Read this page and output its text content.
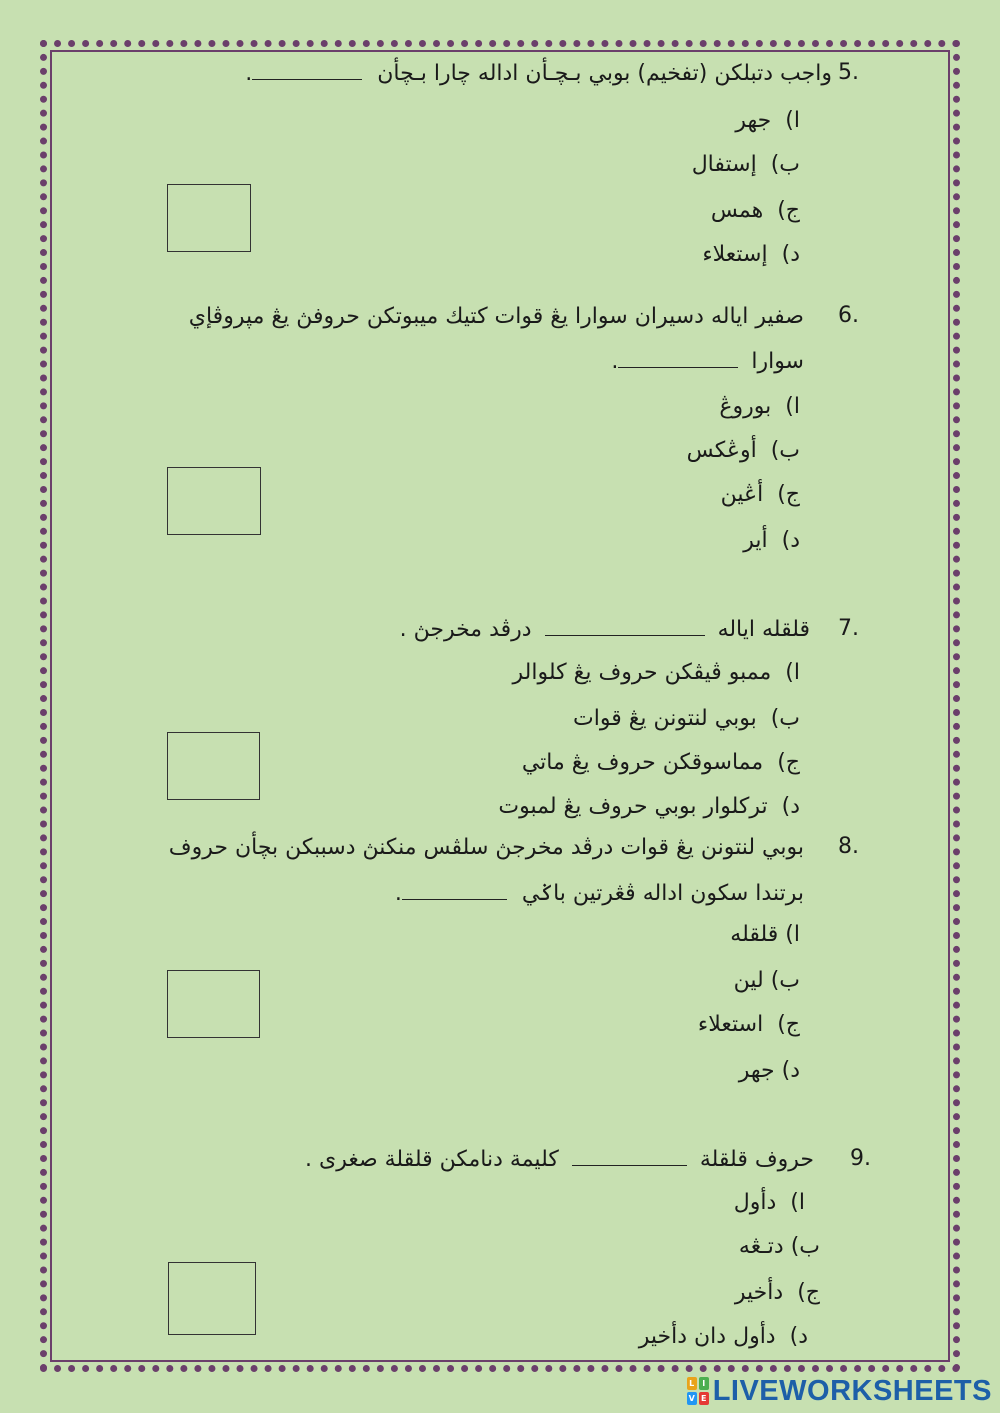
5.
واجب دتبلکن (تفخيم) بوبي بـچـأن اداله چارا بـچأن .
ا)  جهر
ب)  إستفال
ج)  همس
د)  إستعلاء
6.
صفير اياله دسيران سوارا يڠ قوات كتيك ميبوتکن حروفڽ يڠ مپروڤإي
سوارا .
ا)  بوروڠ
ب)  أوڠکس
ج)  أڠين
د)  أير
7.
قلقله اياله  درڤد مخرجڽ .
ا)  ممبو ڤيڤکن حروف يڠ کلوالر
ب)  بوبي لنتونن يڠ قوات
ج)  مماسوقکن حروف يڠ ماتي
د)  ترکلوار بوبي حروف يڠ لمبوت
8.
بوبي لنتونن يڠ قوات درڤد مخرجڽ سلڤس منكنڽ دسببکن بچأن حروف
برتندا سکون اداله ڤڠرتين باݢي .
ا) قلقله
ب) لين
ج)  استعلاء
د) جهر
9.
حروف قلقلة  كليمة دنامکن قلقلة صغرى .
ا)  دأول
ب) دتـڠه
ج)  دأخير
د)  دأول دان دأخير
L I
V E LIVEWORKSHEETS
